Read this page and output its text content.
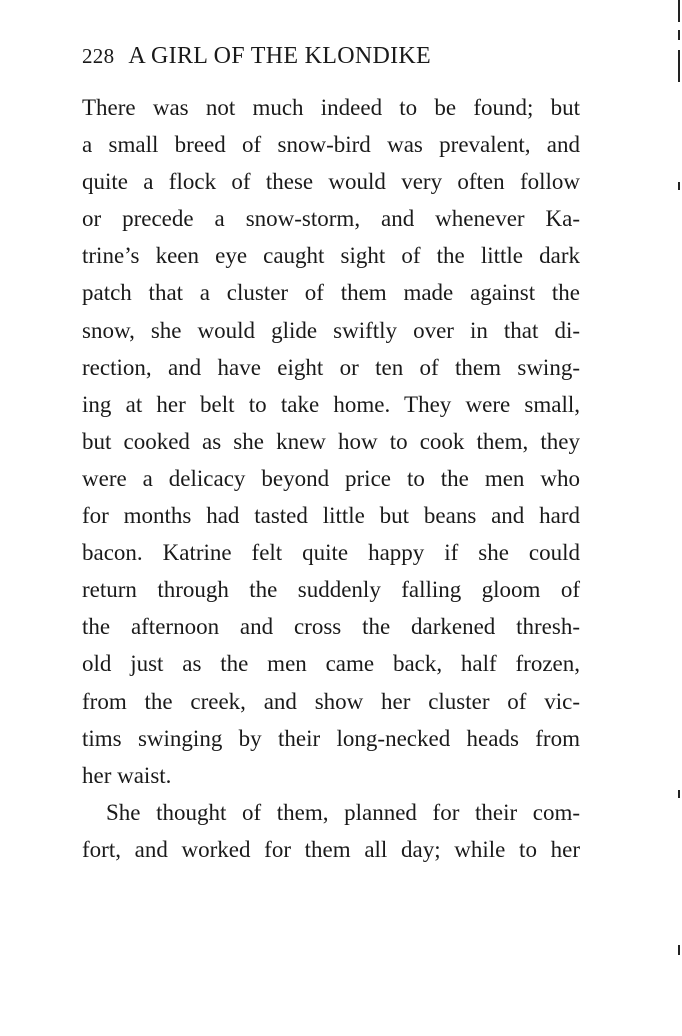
228 A GIRL OF THE KLONDIKE
There was not much indeed to be found; but
a small breed of snow-bird was prevalent, and
quite a flock of these would very often follow
or precede a snow-storm, and whenever Ka-
trine’s keen eye caught sight of the little dark
patch that a cluster of them made against the
snow, she would glide swiftly over in that di-
rection, and have eight or ten of them swing-
ing at her belt to take home. They were small,
but cooked as she knew how to cook them, they
were a delicacy beyond price to the men who
for months had tasted little but beans and hard
bacon. Katrine felt quite happy if she could
return through the suddenly falling gloom of
the afternoon and cross the darkened thresh-
old just as the men came back, half frozen,
from the creek, and show her cluster of vic-
tims swinging by their long-necked heads from
her waist.
She thought of them, planned for their com-
fort, and worked for them all day; while to her
